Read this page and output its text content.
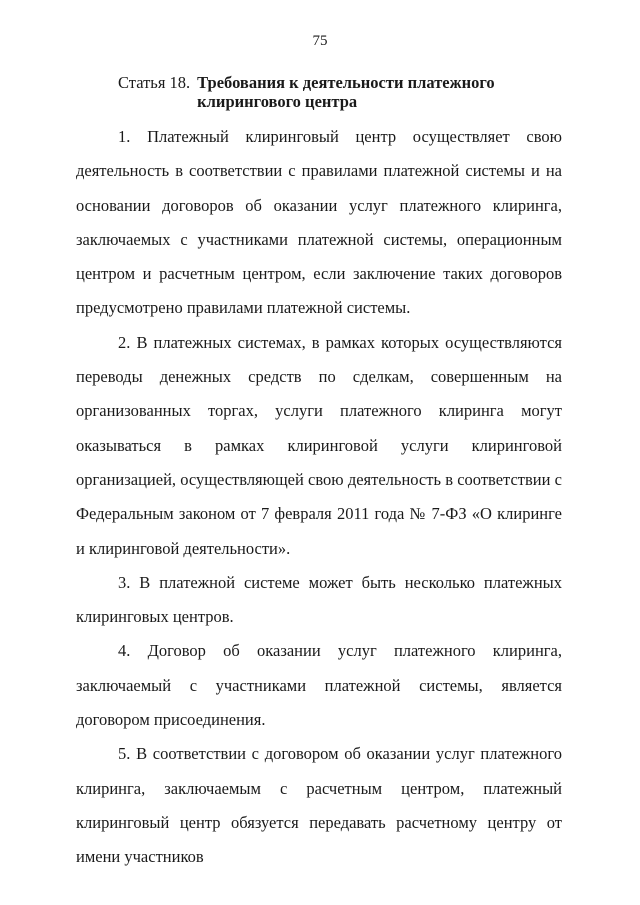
75
Статья 18. Требования к деятельности платежного клирингового центра

1. Платежный клиринговый центр осуществляет свою деятельность в соответствии с правилами платежной системы и на основании договоров об оказании услуг платежного клиринга, заключаемых с участниками платежной системы, операционным центром и расчетным центром, если заключение таких договоров предусмотрено правилами платежной системы.

2. В платежных системах, в рамках которых осуществляются переводы денежных средств по сделкам, совершенным на организованных торгах, услуги платежного клиринга могут оказываться в рамках клиринговой услуги клиринговой организацией, осуществляющей свою деятельность в соответствии с Федеральным законом от 7 февраля 2011 года № 7-ФЗ «О клиринге и клиринговой деятельности».

3. В платежной системе может быть несколько платежных клиринговых центров.

4. Договор об оказании услуг платежного клиринга, заключаемый с участниками платежной системы, является договором присоединения.

5. В соответствии с договором об оказании услуг платежного клиринга, заключаемым с расчетным центром, платежный клиринговый центр обязуется передавать расчетному центру от имени участников
